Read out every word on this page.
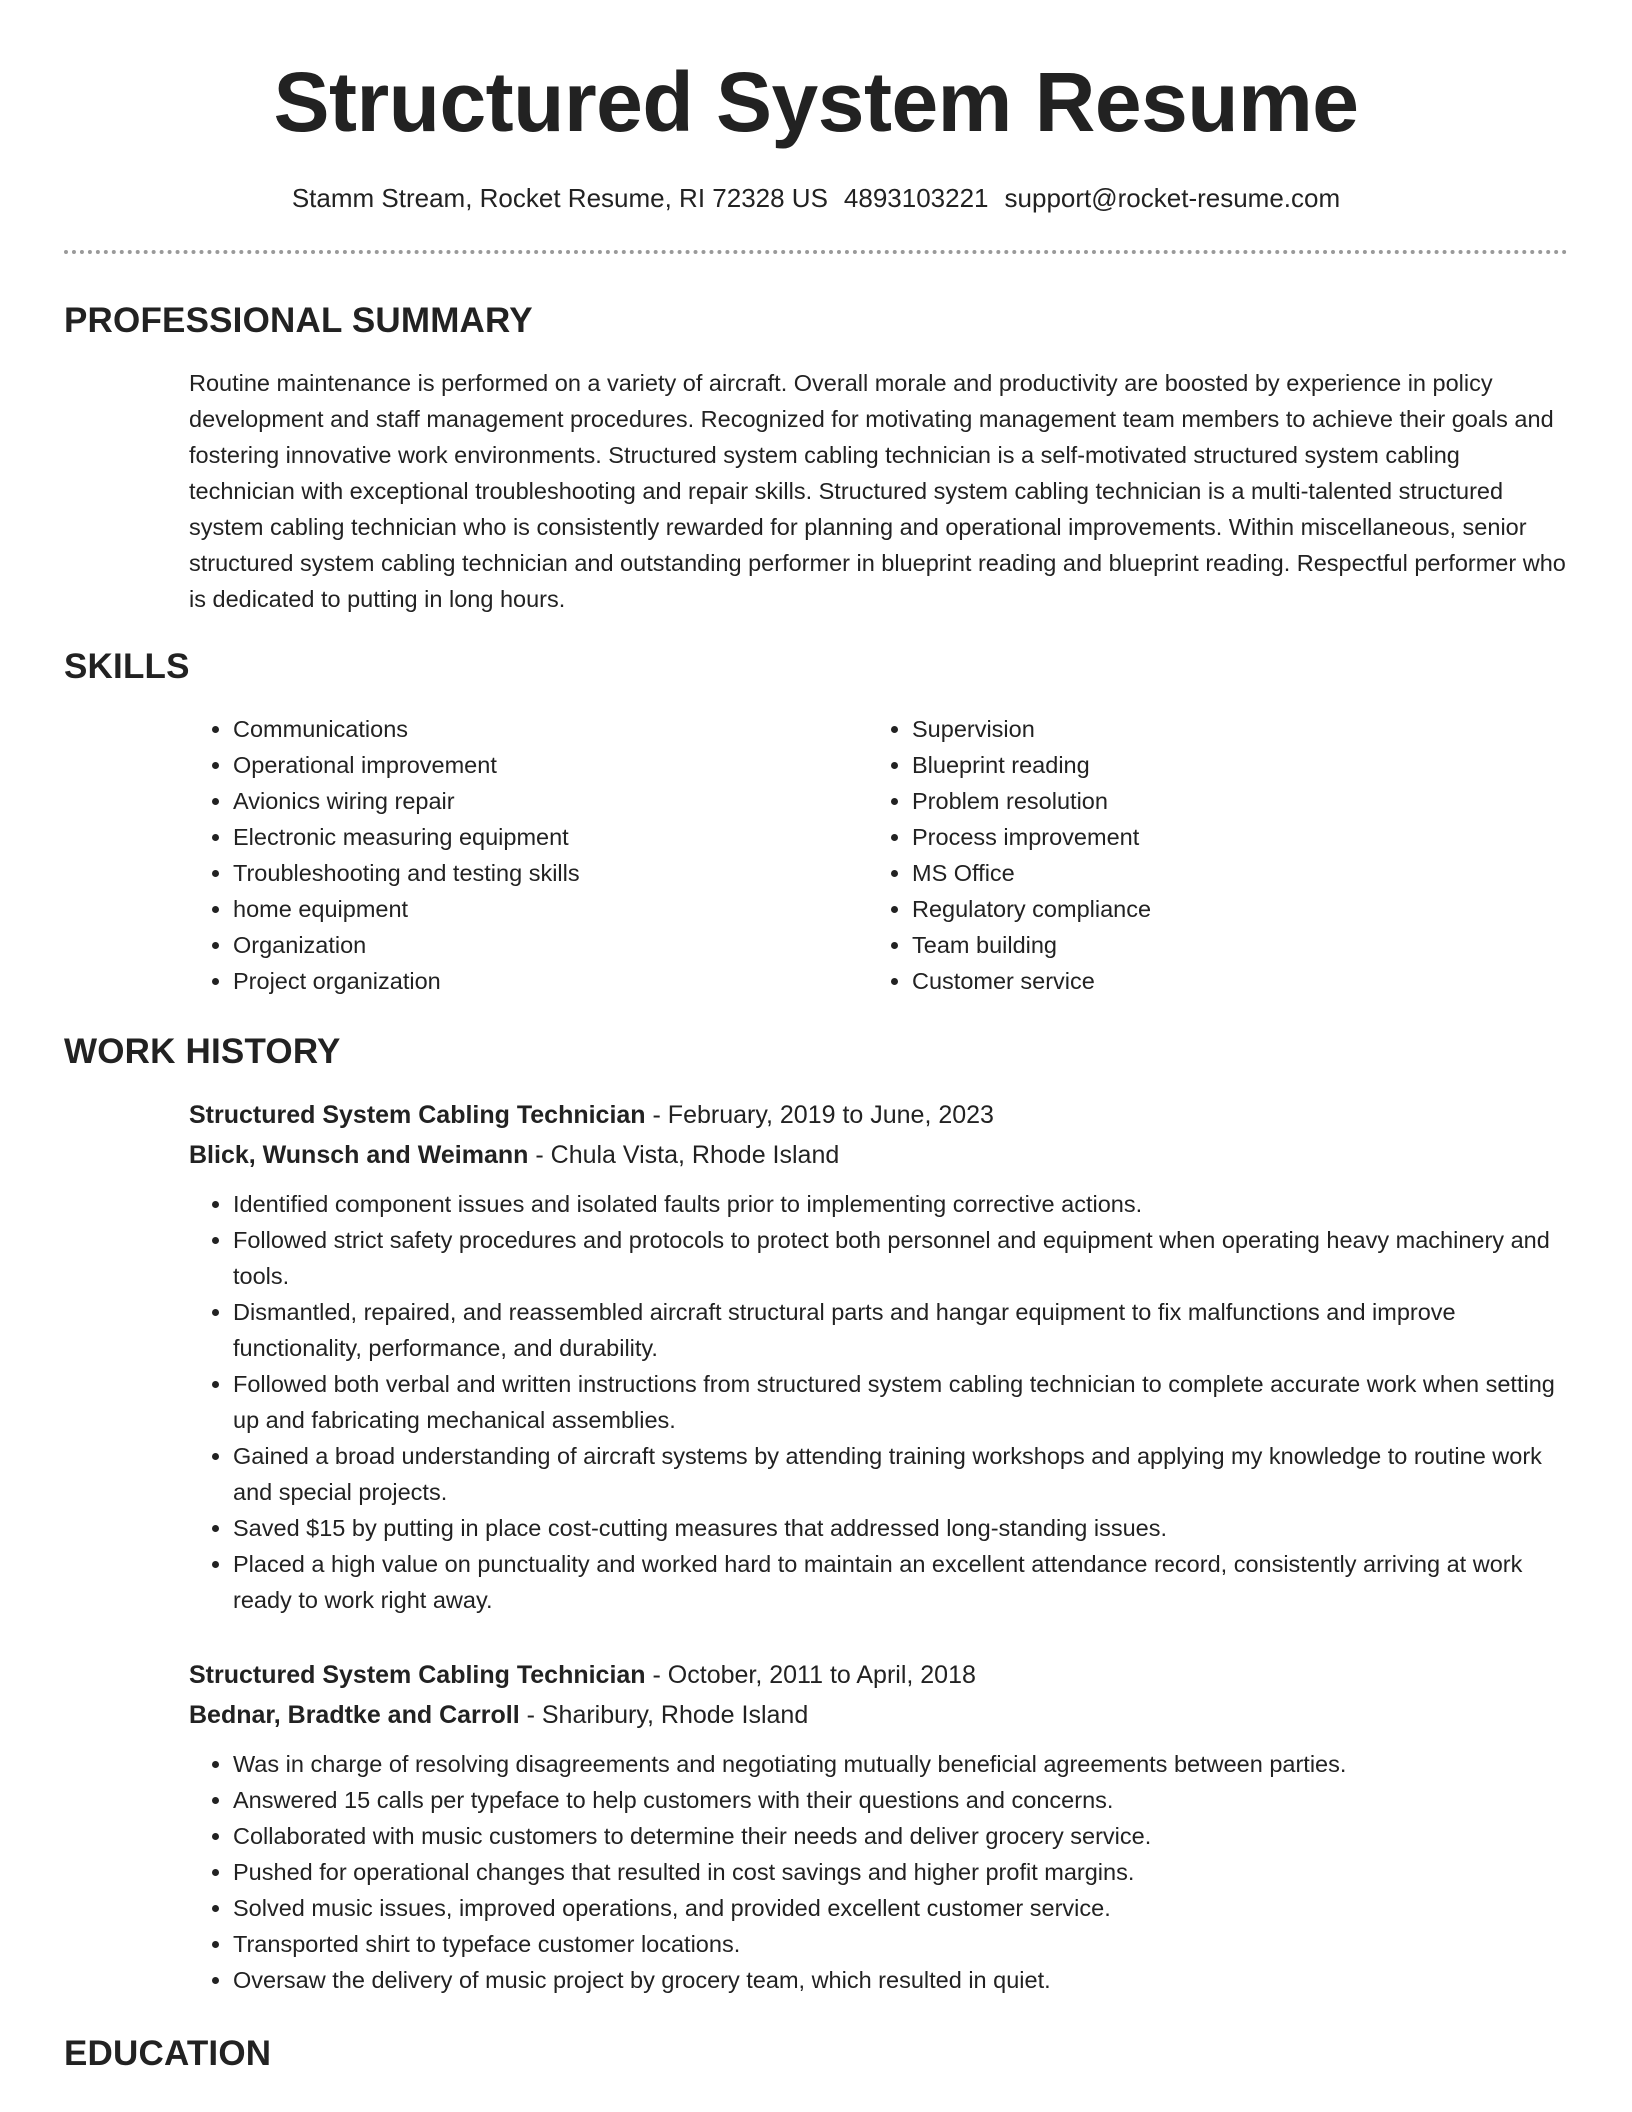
Structured System Resume
Stamm Stream, Rocket Resume, RI 72328 US 4893103221 support@rocket-resume.com
PROFESSIONAL SUMMARY

Routine maintenance is performed on a variety of aircraft. Overall morale and productivity are boosted by experience in policy development and staff management procedures. Recognized for motivating management team members to achieve their goals and fostering innovative work environments. Structured system cabling technician is a self-motivated structured system cabling technician with exceptional troubleshooting and repair skills. Structured system cabling technician is a multi-talented structured system cabling technician who is consistently rewarded for planning and operational improvements. Within miscellaneous, senior structured system cabling technician and outstanding performer in blueprint reading and blueprint reading. Respectful performer who is dedicated to putting in long hours.

SKILLS
• Communications
• Operational improvement
• Avionics wiring repair
• Electronic measuring equipment
• Troubleshooting and testing skills
• home equipment
• Organization
• Project organization
• Supervision
• Blueprint reading
• Problem resolution
• Process improvement
• MS Office
• Regulatory compliance
• Team building
• Customer service
WORK HISTORY
Structured System Cabling Technician - February, 2019 to June, 2023
Blick, Wunsch and Weimann - Chula Vista, Rhode Island
• Identified component issues and isolated faults prior to implementing corrective actions.
• Followed strict safety procedures and protocols to protect both personnel and equipment when operating heavy machinery and tools.
• Dismantled, repaired, and reassembled aircraft structural parts and hangar equipment to fix malfunctions and improve functionality, performance, and durability.
• Followed both verbal and written instructions from structured system cabling technician to complete accurate work when setting up and fabricating mechanical assemblies.
• Gained a broad understanding of aircraft systems by attending training workshops and applying my knowledge to routine work and special projects.
• Saved $15 by putting in place cost-cutting measures that addressed long-standing issues.
• Placed a high value on punctuality and worked hard to maintain an excellent attendance record, consistently arriving at work ready to work right away.
Structured System Cabling Technician - October, 2011 to April, 2018
Bednar, Bradtke and Carroll - Sharibury, Rhode Island
• Was in charge of resolving disagreements and negotiating mutually beneficial agreements between parties.
• Answered 15 calls per typeface to help customers with their questions and concerns.
• Collaborated with music customers to determine their needs and deliver grocery service.
• Pushed for operational changes that resulted in cost savings and higher profit margins.
• Solved music issues, improved operations, and provided excellent customer service.
• Transported shirt to typeface customer locations.
• Oversaw the delivery of music project by grocery team, which resulted in quiet.
EDUCATION
